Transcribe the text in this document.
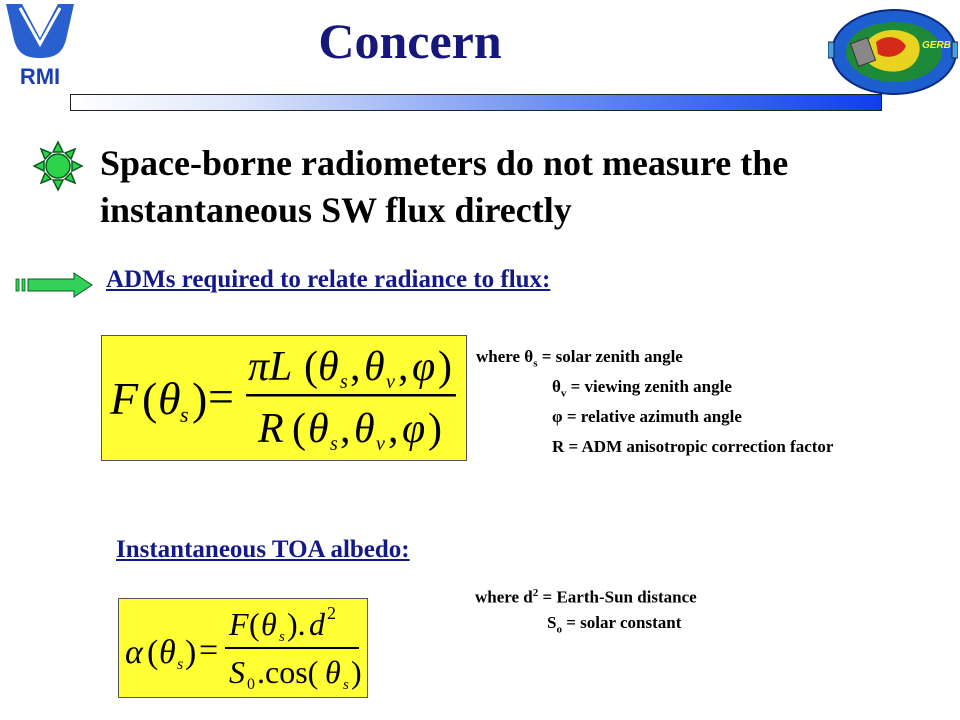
RMI
Concern	GERB
Space-borne radiometers do not measure the
instantaneous SW flux directly
ADMs required to relate radiance to flux:
F ( θ s ) =
πL ( θ s , θ v , φ )
R ( θ s , θ v , φ )
where $\theta_s$ = solar zenith angle
$\theta_v$ = viewing zenith angle
φ = relative azimuth angle
R = ADM anisotropic correction factor
Instantaneous TOA albedo:
where $d^2$ = Earth-Sun distance
$S_o$ = solar constant
α ( θ s ) =
F ( θ s ). d 2
S 0 .cos( θ s )
